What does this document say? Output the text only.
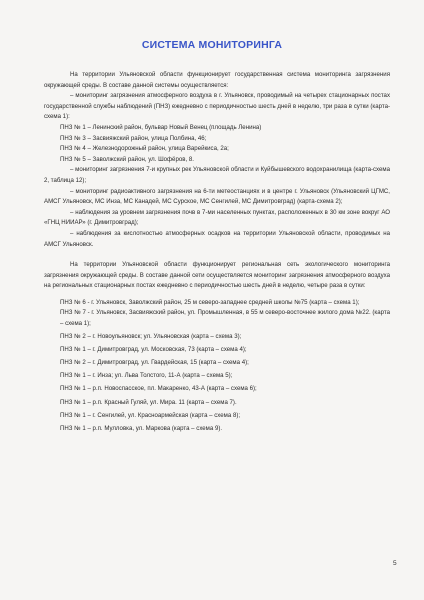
СИСТЕМА МОНИТОРИНГА

На территории Ульяновской области функционирует государственная система мониторинга загрязнения окружающей среды. В составе данной системы осуществляется:

– мониторинг загрязнения атмосферного воздуха в г. Ульяновск, проводимый на четырех стационарных постах государственной службы наблюдений (ПНЗ) ежедневно с периодичностью шесть дней в неделю, три раза в сутки (карта-схема 1):

ПНЗ № 1 – Ленинский район, бульвар Новый Венец (площадь Ленина)

ПНЗ № 3 – Засвияжский район, улица Полбина, 46;

ПНЗ № 4 – Железнодорожный район, улица Варейкиса, 2а;

ПНЗ № 5 – Заволжский район, ул. Шофёров, 8.

– мониторинг загрязнения 7-и крупных рек Ульяновской области и Куйбышевского водохранилища (карта-схема 2, таблица 12);

– мониторинг радиоактивного загрязнения на 6-ти метеостанциях и в центре г. Ульяновск (Ульяновский ЦГМС, АМСГ Ульяновск, МС Инза, МС Канадей, МС Сурское, МС Сенгилей, МС Димитровград) (карта-схема 2);

– наблюдения за уровнем загрязнения почв в 7-ми населенных пунктах, расположенных в 30 км зоне вокруг АО «ГНЦ НИИАР» (г. Димитровград);

– наблюдения за кислотностью атмосферных осадков на территории Ульяновской области, проводимых на АМСГ Ульяновск.

На территории Ульяновской области функционирует региональная сеть экологического мониторинга загрязнения окружающей среды. В составе данной сети осуществляется мониторинг загрязнения атмосферного воздуха на региональных стационарных постах ежедневно с периодичностью шесть дней в неделю, четыре раза в сутки:

ПНЗ № 6 - г. Ульяновск, Заволжский район, 25 м северо-западнее средней школы №75 (карта – схема 1);

ПНЗ № 7 - г. Ульяновск, Засвияжский район, ул. Промышленная, в 55 м северо-восточнее жилого дома №22. (карта – схема 1);

ПНЗ № 2 – г. Новоульяновск; ул. Ульяновская (карта – схема 3);

ПНЗ № 1 – г. Димитровград, ул. Московская, 73 (карта – схема 4);

ПНЗ № 2 – г. Димитровград, ул. Гвардейская, 15 (карта – схема 4);

ПНЗ № 1 – г. Инза; ул. Льва Толстого, 11-А (карта – схема 5);

ПНЗ № 1 – р.п. Новоспасское, пл. Макаренко, 43-А (карта – схема 6);

ПНЗ № 1 – р.п. Красный Гуляй, ул. Мира. 11 (карта – схема 7).

ПНЗ № 1 – г. Сенгилей, ул. Красноармейская (карта – схема 8);

ПНЗ № 1 – р.п. Мулловка, ул. Маркова (карта – схема 9).

5
